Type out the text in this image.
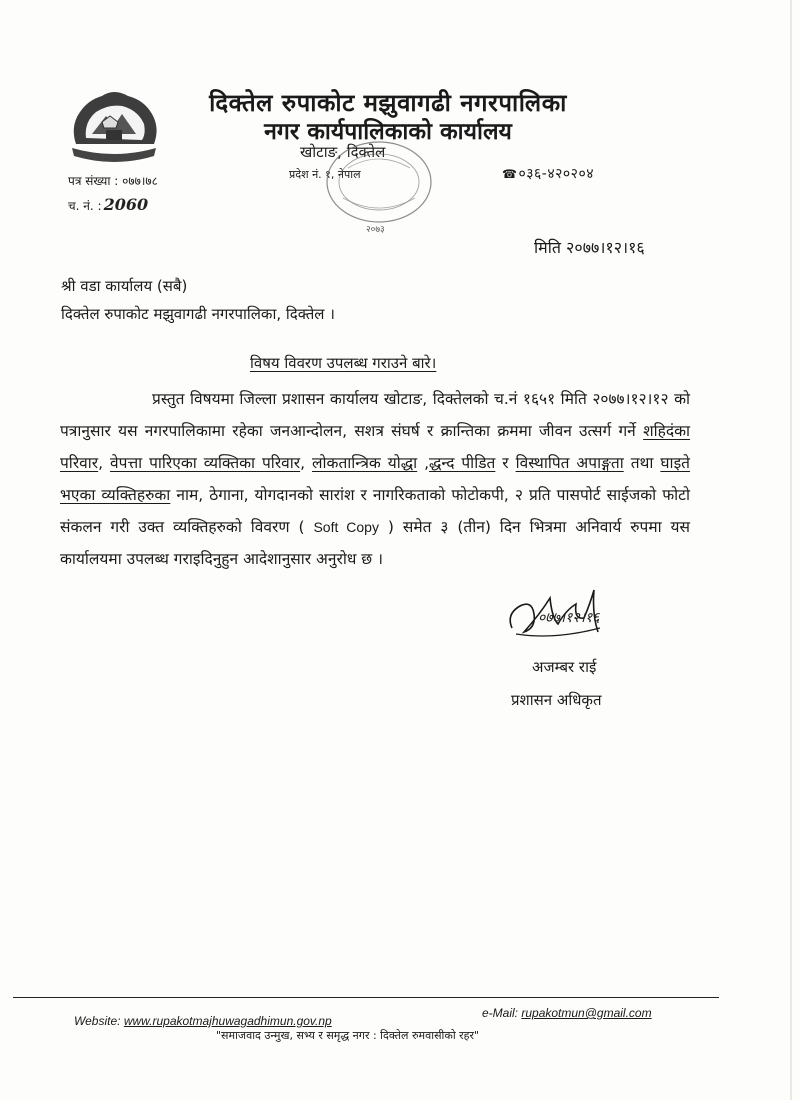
दिक्तेल रुपाकोट मझुवागढी नगरपालिका
नगर कार्यपालिकाको कार्यालय
खोटाङ, दिक्तेल
प्रदेश नं. १, नेपाल
२०७३
☎०३६-४२०२०४
पत्र संख्या : ०७७।७८
च. नं. : 2060
मिति २०७७।१२।१६
श्री वडा कार्यालय (सबै)
दिक्तेल रुपाकोट मझुवागढी नगरपालिका, दिक्तेल ।
विषय विवरण उपलब्ध गराउने बारे।
प्रस्तुत विषयमा जिल्ला प्रशासन कार्यालय खोटाङ, दिक्तेलको च.नं १६५१ मिति २०७७।१२।१२ को पत्रानुसार यस नगरपालिकामा रहेका जनआन्दोलन, सशत्र संघर्ष र क्रान्तिका क्रममा जीवन उत्सर्ग गर्ने शहिदंका परिवार, वेपत्ता पारिएका व्यक्तिका परिवार, लोकतान्त्रिक योद्धा ,द्धन्द पीडित र विस्थापित अपाङ्गता तथा घाइते भएका व्यक्तिहरुका नाम, ठेगाना, योगदानको सारांश र नागरिकताको फोटोकपी, २ प्रति पासपोर्ट साईजको फोटो संकलन गरी उक्त व्यक्तिहरुको विवरण ( Soft Copy ) समेत ३ (तीन) दिन भित्रमा अनिवार्य रुपमा यस कार्यालयमा उपलब्ध गराइदिनुहुन आदेशानुसार अनुरोध छ ।
०७७।१२।१६
अजम्बर राई
प्रशासन अधिकृत
Website: www.rupakotmajhuwagadhimun.gov.np
e-Mail: rupakotmun@gmail.com
"समाजवाद उन्मुख, सभ्य र समृद्ध नगर : दिक्तेल रुमवासीको रहर"
